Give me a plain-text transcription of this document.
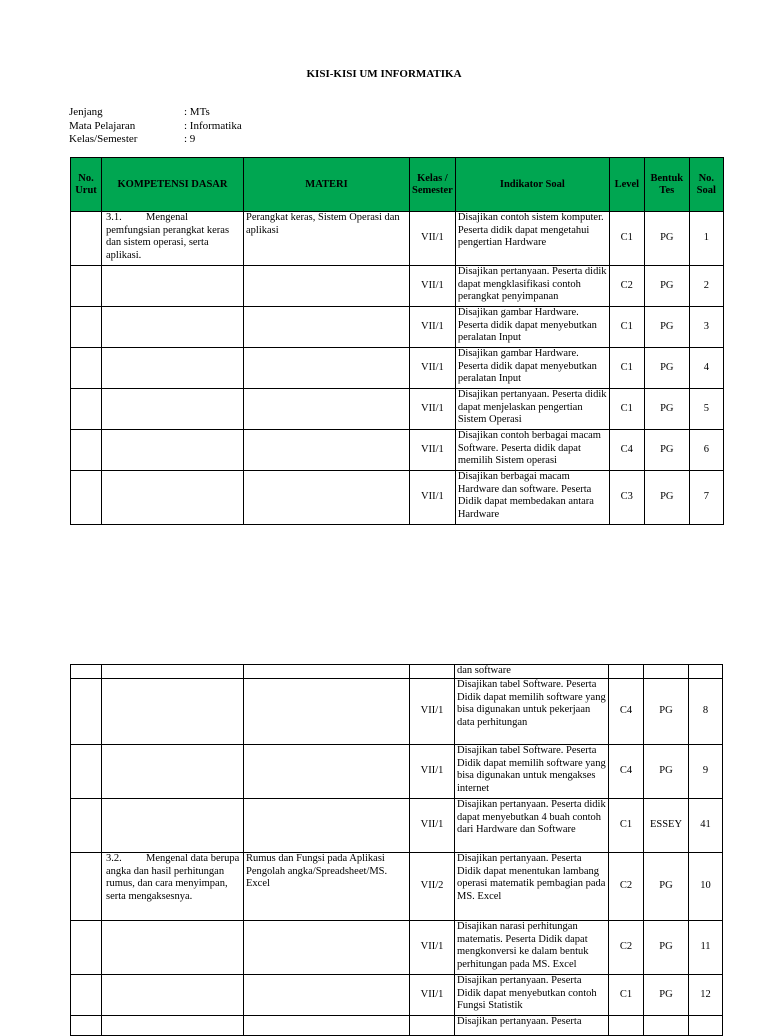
KISI-KISI UM INFORMATIKA
Jenjang	: MTs
Mata Pelajaran	: Informatika
Kelas/Semester	: 9
No. Urut	KOMPETENSI DASAR	MATERI	Kelas / Semester	Indikator Soal	Level	Bentuk Tes	No. Soal
	3.1. Mengenal pemfungsian perangkat keras dan sistem operasi, serta aplikasi.	Perangkat keras, Sistem Operasi dan aplikasi	VII/1	Disajikan contoh sistem komputer. Peserta didik dapat mengetahui pengertian Hardware	C1	PG	1
			VII/1	Disajikan pertanyaan. Peserta didik dapat mengklasifikasi contoh perangkat penyimpanan	C2	PG	2
			VII/1	Disajikan gambar Hardware. Peserta didik dapat menyebutkan peralatan Input	C1	PG	3
			VII/1	Disajikan gambar Hardware. Peserta didik dapat menyebutkan peralatan Input	C1	PG	4
			VII/1	Disajikan pertanyaan. Peserta didik dapat menjelaskan pengertian Sistem Operasi	C1	PG	5
			VII/1	Disajikan contoh berbagai macam Software. Peserta didik dapat memilih Sistem operasi	C4	PG	6
			VII/1	Disajikan berbagai macam Hardware dan software. Peserta Didik dapat membedakan antara Hardware	C3	PG	7
				dan software			
			VII/1	Disajikan tabel Software. Peserta Didik dapat memilih software yang bisa digunakan untuk pekerjaan data perhitungan	C4	PG	8
			VII/1	Disajikan tabel Software. Peserta Didik dapat memilih software yang bisa digunakan untuk mengakses internet	C4	PG	9
			VII/1	Disajikan pertanyaan. Peserta didik dapat menyebutkan 4 buah contoh dari Hardware dan Software	C1	ESSEY	41
	3.2. Mengenal data berupa angka dan hasil perhitungan rumus, dan cara menyimpan, serta mengaksesnya.	Rumus dan Fungsi pada Aplikasi Pengolah angka/Spreadsheet/MS. Excel	VII/2	Disajikan pertanyaan. Peserta Didik dapat menentukan lambang operasi matematik pembagian pada MS. Excel	C2	PG	10
			VII/1	Disajikan narasi perhitungan matematis. Peserta Didik dapat mengkonversi ke dalam bentuk perhitungan pada MS. Excel	C2	PG	11
			VII/1	Disajikan pertanyaan. Peserta Didik dapat menyebutkan contoh Fungsi Statistik	C1	PG	12
				Disajikan pertanyaan. Peserta			
